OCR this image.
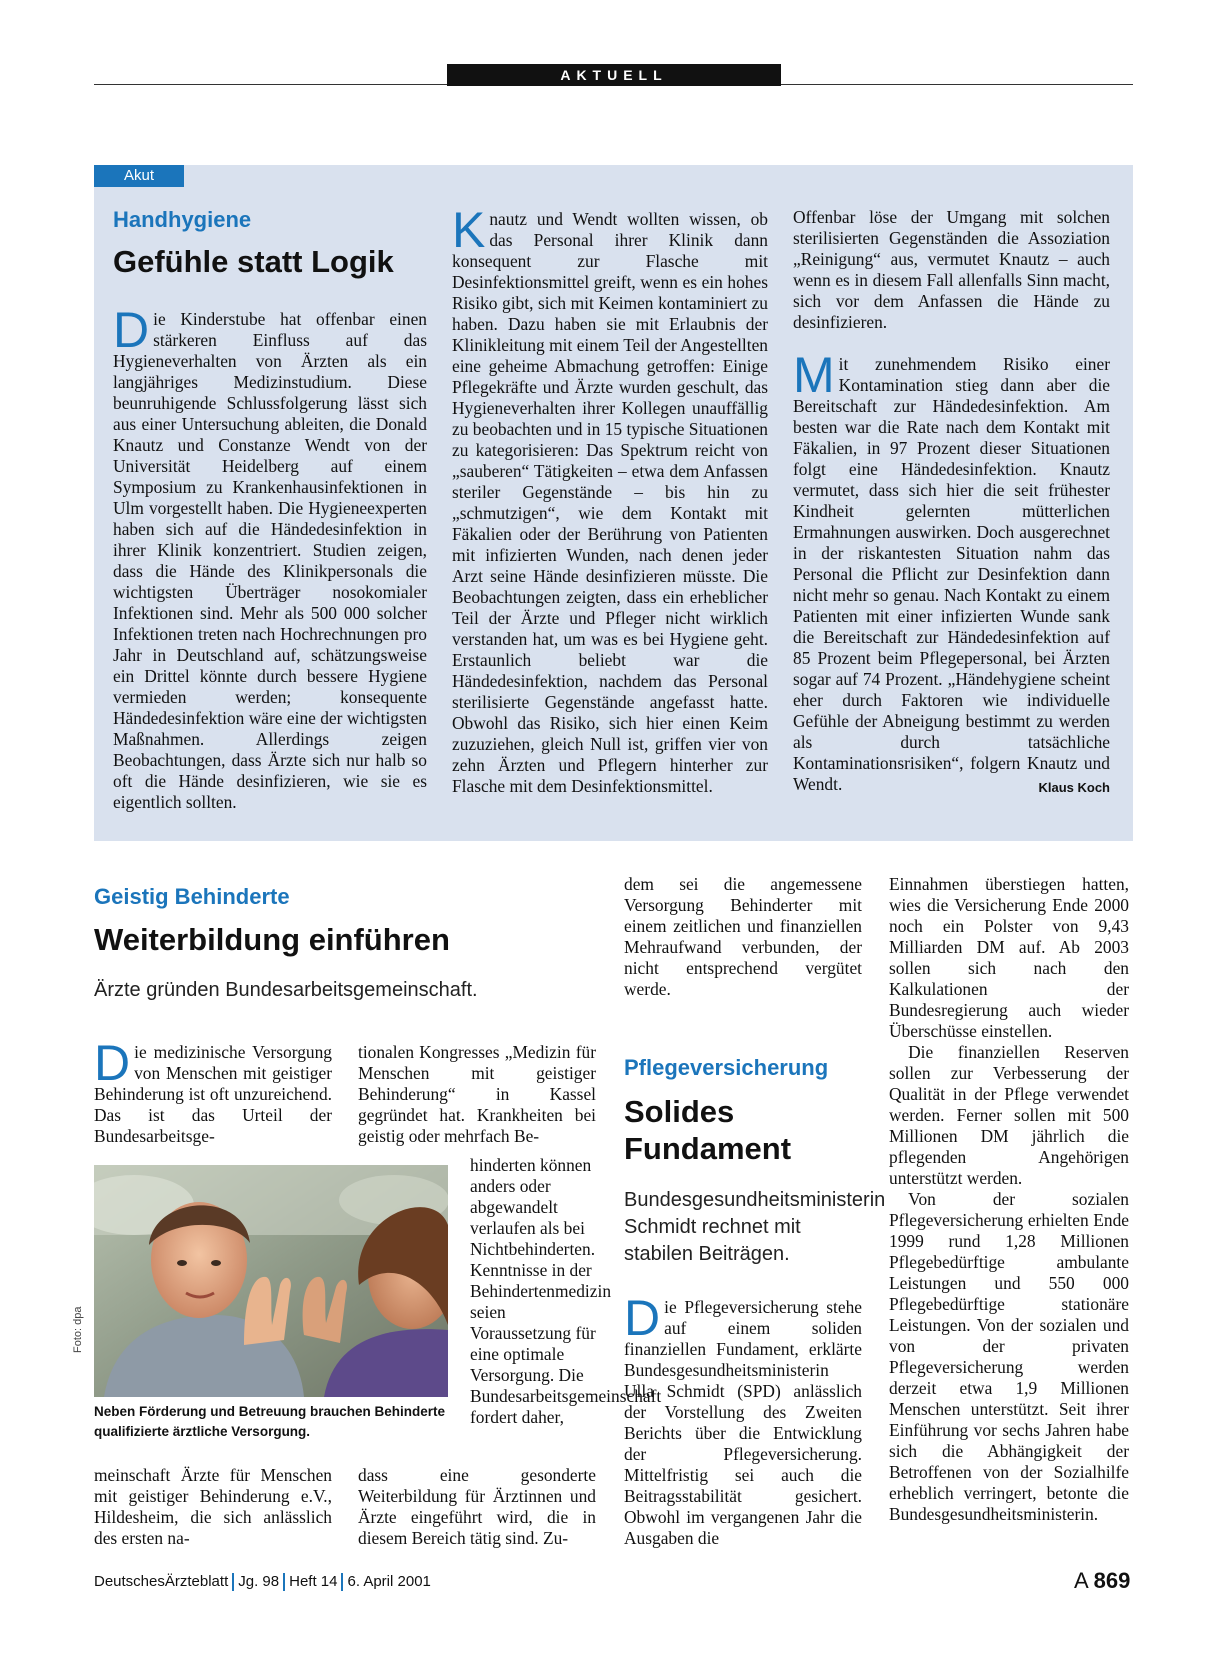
AKTUELL
Akut
Handhygiene
Gefühle statt Logik
Die Kinderstube hat offenbar einen stärkeren Einfluss auf das Hygieneverhalten von Ärzten als ein langjähriges Medizinstudium. Diese beunruhigende Schlussfolgerung lässt sich aus einer Untersuchung ableiten, die Donald Knautz und Constanze Wendt von der Universität Heidelberg auf einem Symposium zu Krankenhausinfektionen in Ulm vorgestellt haben. Die Hygieneexperten haben sich auf die Händedesinfektion in ihrer Klinik konzentriert. Studien zeigen, dass die Hände des Klinikpersonals die wichtigsten Überträger nosokomialer Infektionen sind. Mehr als 500 000 solcher Infektionen treten nach Hochrechnungen pro Jahr in Deutschland auf, schätzungsweise ein Drittel könnte durch bessere Hygiene vermieden werden; konsequente Händedesinfektion wäre eine der wichtigsten Maßnahmen. Allerdings zeigen Beobachtungen, dass Ärzte sich nur halb so oft die Hände desinfizieren, wie sie es eigentlich sollten.
Knautz und Wendt wollten wissen, ob das Personal ihrer Klinik dann konsequent zur Flasche mit Desinfektionsmittel greift, wenn es ein hohes Risiko gibt, sich mit Keimen kontaminiert zu haben. Dazu haben sie mit Erlaubnis der Klinikleitung mit einem Teil der Angestellten eine geheime Abmachung getroffen: Einige Pflegekräfte und Ärzte wurden geschult, das Hygieneverhalten ihrer Kollegen unauffällig zu beobachten und in 15 typische Situationen zu kategorisieren: Das Spektrum reicht von „sauberen“ Tätigkeiten – etwa dem Anfassen steriler Gegenstände – bis hin zu „schmutzigen“, wie dem Kontakt mit Fäkalien oder der Berührung von Patienten mit infizierten Wunden, nach denen jeder Arzt seine Hände desinfizieren müsste. Die Beobachtungen zeigten, dass ein erheblicher Teil der Ärzte und Pfleger nicht wirklich verstanden hat, um was es bei Hygiene geht. Erstaunlich beliebt war die Händedesinfektion, nachdem das Personal sterilisierte Gegenstände angefasst hatte. Obwohl das Risiko, sich hier einen Keim zuzuziehen, gleich Null ist, griffen vier von zehn Ärzten und Pflegern hinterher zur Flasche mit dem Desinfektionsmittel.

Offenbar löse der Umgang mit solchen sterilisierten Gegenständen die Assoziation „Reinigung“ aus, vermutet Knautz – auch wenn es in diesem Fall allenfalls Sinn macht, sich vor dem Anfassen die Hände zu desinfizieren.

Mit zunehmendem Risiko einer Kontamination stieg dann aber die Bereitschaft zur Händedesinfektion. Am besten war die Rate nach dem Kontakt mit Fäkalien, in 97 Prozent dieser Situationen folgt eine Händedesinfektion. Knautz vermutet, dass sich hier die seit frühester Kindheit gelernten mütterlichen Ermahnungen auswirken. Doch ausgerechnet in der riskantesten Situation nahm das Personal die Pflicht zur Desinfektion dann nicht mehr so genau. Nach Kontakt zu einem Patienten mit einer infizierten Wunde sank die Bereitschaft zur Händedesinfektion auf 85 Prozent beim Pflegepersonal, bei Ärzten sogar auf 74 Prozent. „Händehygiene scheint eher durch Faktoren wie individuelle Gefühle der Abneigung bestimmt zu werden als durch tatsächliche Kontaminationsrisiken“, folgern Knautz und Wendt.	Klaus Koch

Geistig Behinderte
Weiterbildung einführen
Ärzte gründen Bundesarbeitsgemeinschaft.
Die medizinische Versorgung von Menschen mit geistiger Behinderung ist oft unzureichend. Das ist das Urteil der Bundesarbeitsge-
tionalen Kongresses „Medizin für Menschen mit geistiger Behinderung“ in Kassel gegründet hat. Krankheiten bei geistig oder mehrfach Be-
Foto: dpa
Neben Förderung und Betreuung brauchen Behinderte qualifizierte ärztliche Versorgung.
hinderten können anders oder abgewandelt verlaufen als bei Nichtbehinderten. Kenntnisse in der Behindertenmedizin seien Voraussetzung für eine optimale Versorgung. Die Bundesarbeitsgemeinschaft fordert daher,
meinschaft Ärzte für Menschen mit geistiger Behinderung e.V., Hildesheim, die sich anlässlich des ersten na-
dass eine gesonderte Weiterbildung für Ärztinnen und Ärzte eingeführt wird, die in diesem Bereich tätig sind. Zu-
dem sei die angemessene Versorgung Behinderter mit einem zeitlichen und finanziellen Mehraufwand verbunden, der nicht entsprechend vergütet werde.
Pflegeversicherung
Solides
Fundament
Bundesgesundheitsministerin Schmidt rechnet mit stabilen Beiträgen.
Die Pflegeversicherung stehe auf einem soliden finanziellen Fundament, erklärte Bundesgesundheitsministerin Ulla Schmidt (SPD) anlässlich der Vorstellung des Zweiten Berichts über die Entwicklung der Pflegeversicherung. Mittelfristig sei auch die Beitragsstabilität gesichert. Obwohl im vergangenen Jahr die Ausgaben die

Einnahmen überstiegen hatten, wies die Versicherung Ende 2000 noch ein Polster von 9,43 Milliarden DM auf. Ab 2003 sollen sich nach den Kalkulationen der Bundesregierung auch wieder Überschüsse einstellen.

Die finanziellen Reserven sollen zur Verbesserung der Qualität in der Pflege verwendet werden. Ferner sollen mit 500 Millionen DM jährlich die pflegenden Angehörigen unterstützt werden.

Von der sozialen Pflegeversicherung erhielten Ende 1999 rund 1,28 Millionen Pflegebedürftige ambulante Leistungen und 550 000 Pflegebedürftige stationäre Leistungen. Von der sozialen und von der privaten Pflegeversicherung werden derzeit etwa 1,9 Millionen Menschen unterstützt. Seit ihrer Einführung vor sechs Jahren habe sich die Abhängigkeit der Betroffenen von der Sozialhilfe erheblich verringert, betonte die Bundesgesundheitsministerin.

DeutschesÄrzteblatt Jg. 98 Heft 14 6. April 2001	A 869
